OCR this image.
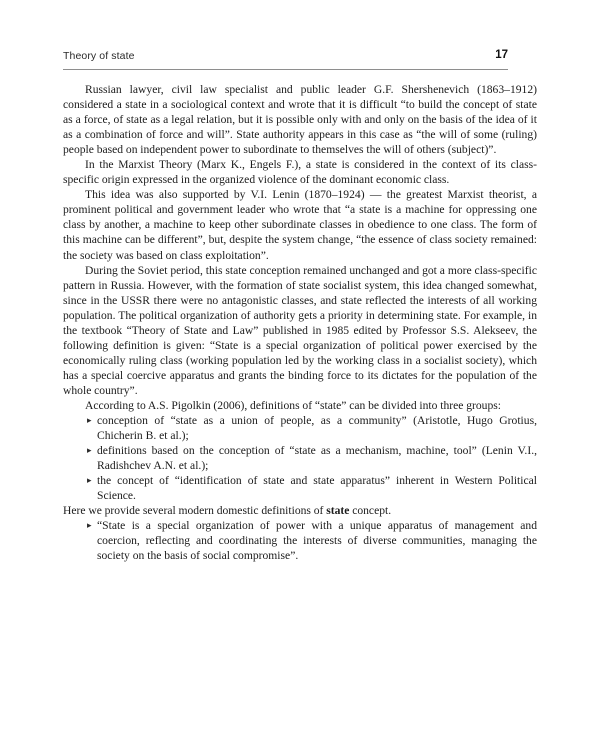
Theory of state	17

Russian lawyer, civil law specialist and public leader G.F. Shershenevich (1863–1912) considered a state in a sociological context and wrote that it is difficult “to build the concept of state as a force, of state as a legal relation, but it is possible only with and only on the basis of the idea of it as a combination of force and will”. State authority appears in this case as “the will of some (ruling) people based on independent power to subordinate to themselves the will of others (subject)”.

In the Marxist Theory (Marx K., Engels F.), a state is considered in the context of its class-specific origin expressed in the organized violence of the dominant economic class.

This idea was also supported by V.I. Lenin (1870–1924) — the greatest Marxist theorist, a prominent political and government leader who wrote that “a state is a machine for oppressing one class by another, a machine to keep other subordinate classes in obedience to one class. The form of this machine can be different”, but, despite the system change, “the essence of class society remained: the society was based on class exploitation”.

During the Soviet period, this state conception remained unchanged and got a more class-specific pattern in Russia. However, with the formation of state socialist system, this idea changed somewhat, since in the USSR there were no antagonistic classes, and state reflected the interests of all working population. The political organization of authority gets a priority in determining state. For example, in the textbook “Theory of State and Law” published in 1985 edited by Professor S.S. Alekseev, the following definition is given: “State is a special organization of political power exercised by the economically ruling class (working population led by the working class in a socialist society), which has a special coercive apparatus and grants the binding force to its dictates for the population of the whole country”.

According to A.S. Pigolkin (2006), definitions of “state” can be divided into three groups:

▸ conception of “state as a union of people, as a community” (Aristotle, Hugo Grotius, Chicherin B. et al.);
▸ definitions based on the conception of “state as a mechanism, machine, tool” (Lenin V.I., Radishchev A.N. et al.);
▸ the concept of “identification of state and state apparatus” inherent in Western Political Science.

Here we provide several modern domestic definitions of state concept.

▸ “State is a special organization of power with a unique apparatus of management and coercion, reflecting and coordinating the interests of diverse communities, managing the society on the basis of social compromise”.
